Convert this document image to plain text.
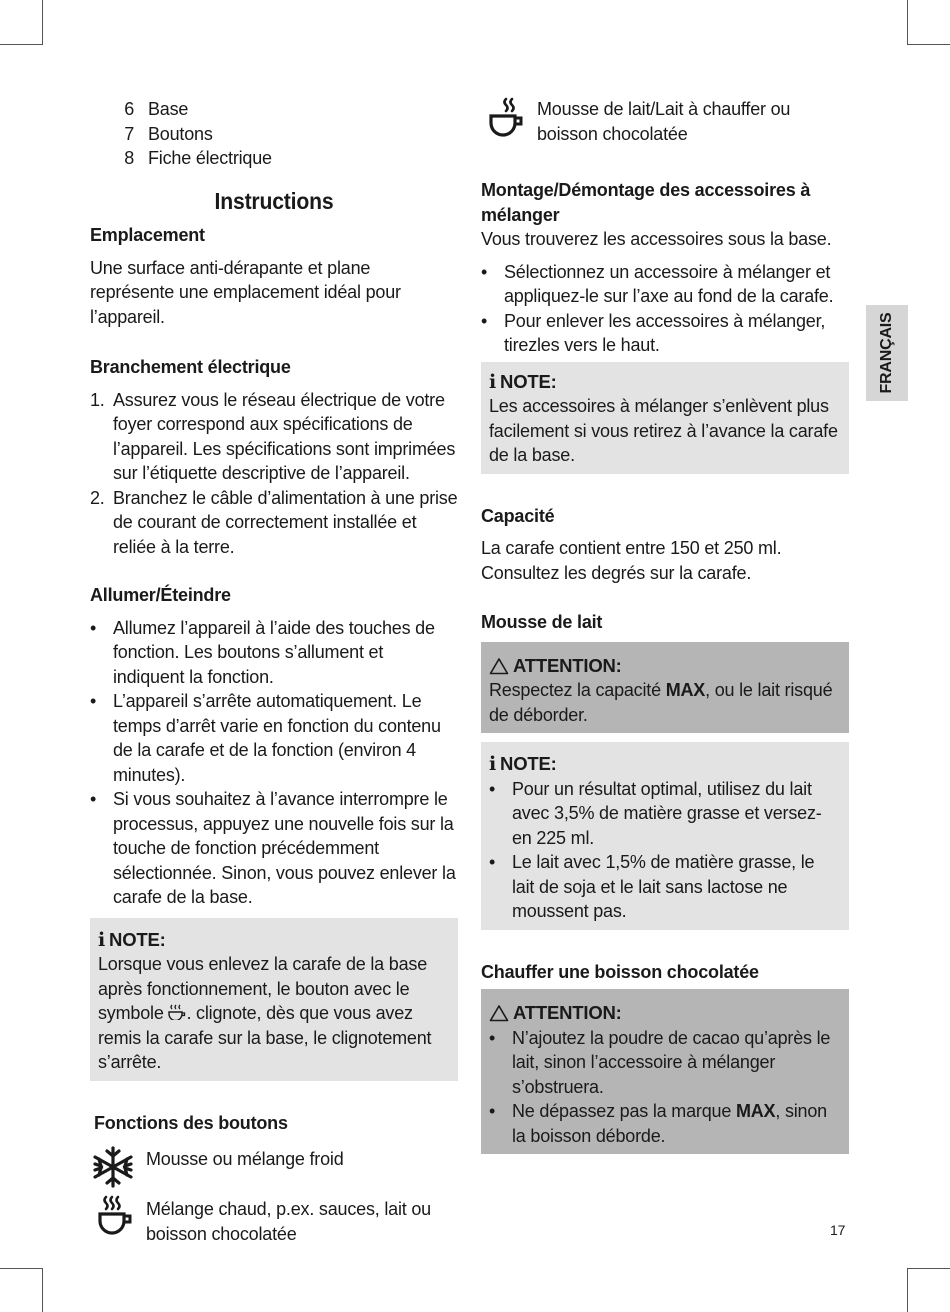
6 Base
7 Boutons
8 Fiche électrique
Instructions
Emplacement

Une surface anti-dérapante et plane représente une emplacement idéal pour l’appareil.

Branchement électrique
1. Assurez vous le réseau électrique de votre foyer correspond aux spécifications de l’appareil. Les spécifications sont imprimées sur l’étiquette descriptive de l’appareil.
2. Branchez le câble d’alimentation à une prise de courant de correctement installée et reliée à la terre.
Allumer/Éteindre
• Allumez l’appareil à l’aide des touches de fonction. Les boutons s’allument et indiquent la fonction.
• L’appareil s’arrête automatiquement. Le temps d’arrêt varie en fonction du contenu de la carafe et de la fonction (environ 4 minutes).
• Si vous souhaitez à l’avance interrompre le processus, appuyez une nouvelle fois sur la touche de fonction précédemment sélectionnée. Sinon, vous pouvez enlever la carafe de la base.
i NOTE:

Lorsque vous enlevez la carafe de la base après fonctionnement, le bouton avec le symbole . clignote, dès que vous avez remis la carafe sur la base, le clignotement s’arrête.

Fonctions des boutons
Mousse ou mélange froid
Mélange chaud, p.ex. sauces, lait ou boisson chocolatée
Mousse de lait/Lait à chauffer ou boisson chocolatée
Montage/Démontage des accessoires à mélanger

Vous trouverez les accessoires sous la base.

• Sélectionnez un accessoire à mélanger et appliquez-le sur l’axe au fond de la carafe.
• Pour enlever les accessoires à mélanger, tirezles vers le haut.
i NOTE:

Les accessoires à mélanger s’enlèvent plus facilement si vous retirez à l’avance la carafe de la base.

Capacité

La carafe contient entre 150 et 250 ml. Consultez les degrés sur la carafe.

Mousse de lait
ATTENTION:

Respectez la capacité MAX, ou le lait risqué de déborder.

i NOTE:
• Pour un résultat optimal, utilisez du lait avec 3,5% de matière grasse et versez-en 225 ml.
• Le lait avec 1,5% de matière grasse, le lait de soja et le lait sans lactose ne moussent pas.
Chauffer une boisson chocolatée
ATTENTION:
• N’ajoutez la poudre de cacao qu’après le lait, sinon l’accessoire à mélanger s’obstruera.
• Ne dépassez pas la marque MAX, sinon la boisson déborde.
FRANÇAIS
17
